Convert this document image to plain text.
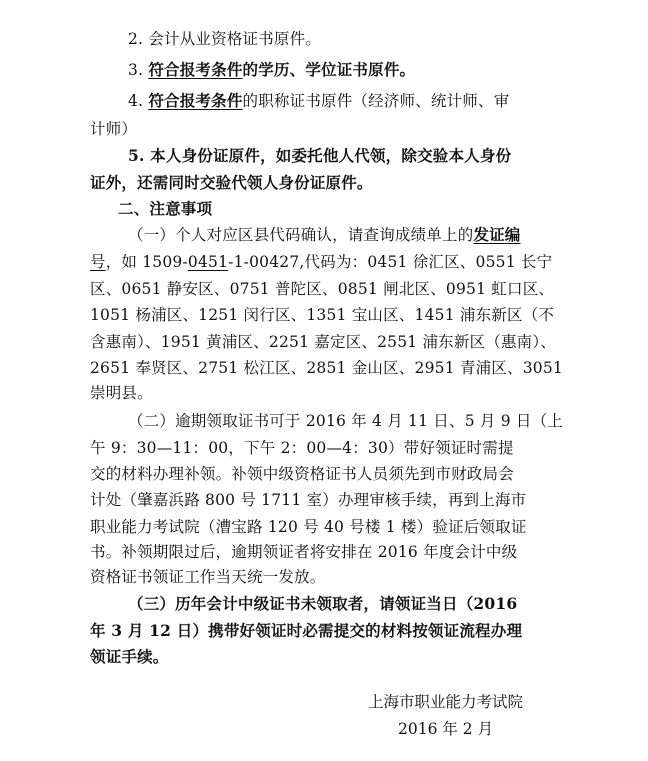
2. 会计从业资格证书原件。
3. 符合报考条件的学历、学位证书原件。
4. 符合报考条件的职称证书原件（经济师、统计师、审
计师）
5. 本人身份证原件，如委托他人代领，除交验本人身份
证外，还需同时交验代领人身份证原件。
二、注意事项
（一）个人对应区县代码确认，请查询成绩单上的发证编
号，如 1509-0451-1-00427,代码为：0451 徐汇区、0551 长宁
区、0651 静安区、0751 普陀区、0851 闸北区、0951 虹口区、
1051 杨浦区、1251 闵行区、1351 宝山区、1451 浦东新区（不
含惠南）、1951 黄浦区、2251 嘉定区、2551 浦东新区（惠南）、
2651 奉贤区、2751 松江区、2851 金山区、2951 青浦区、3051
崇明县。
（二）逾期领取证书可于 2016 年 4 月 11 日、5 月 9 日（上
午 9：30—11：00，下午 2：00—4：30）带好领证时需提
交的材料办理补领。补领中级资格证书人员须先到市财政局会
计处（肇嘉浜路 800 号 1711 室）办理审核手续，再到上海市
职业能力考试院（漕宝路 120 号 40 号楼 1 楼）验证后领取证
书。补领期限过后，逾期领证者将安排在 2016 年度会计中级
资格证书领证工作当天统一发放。
（三）历年会计中级证书未领取者，请领证当日（2016
年 3 月 12 日）携带好领证时必需提交的材料按领证流程办理
领证手续。
上海市职业能力考试院
2016 年 2 月
